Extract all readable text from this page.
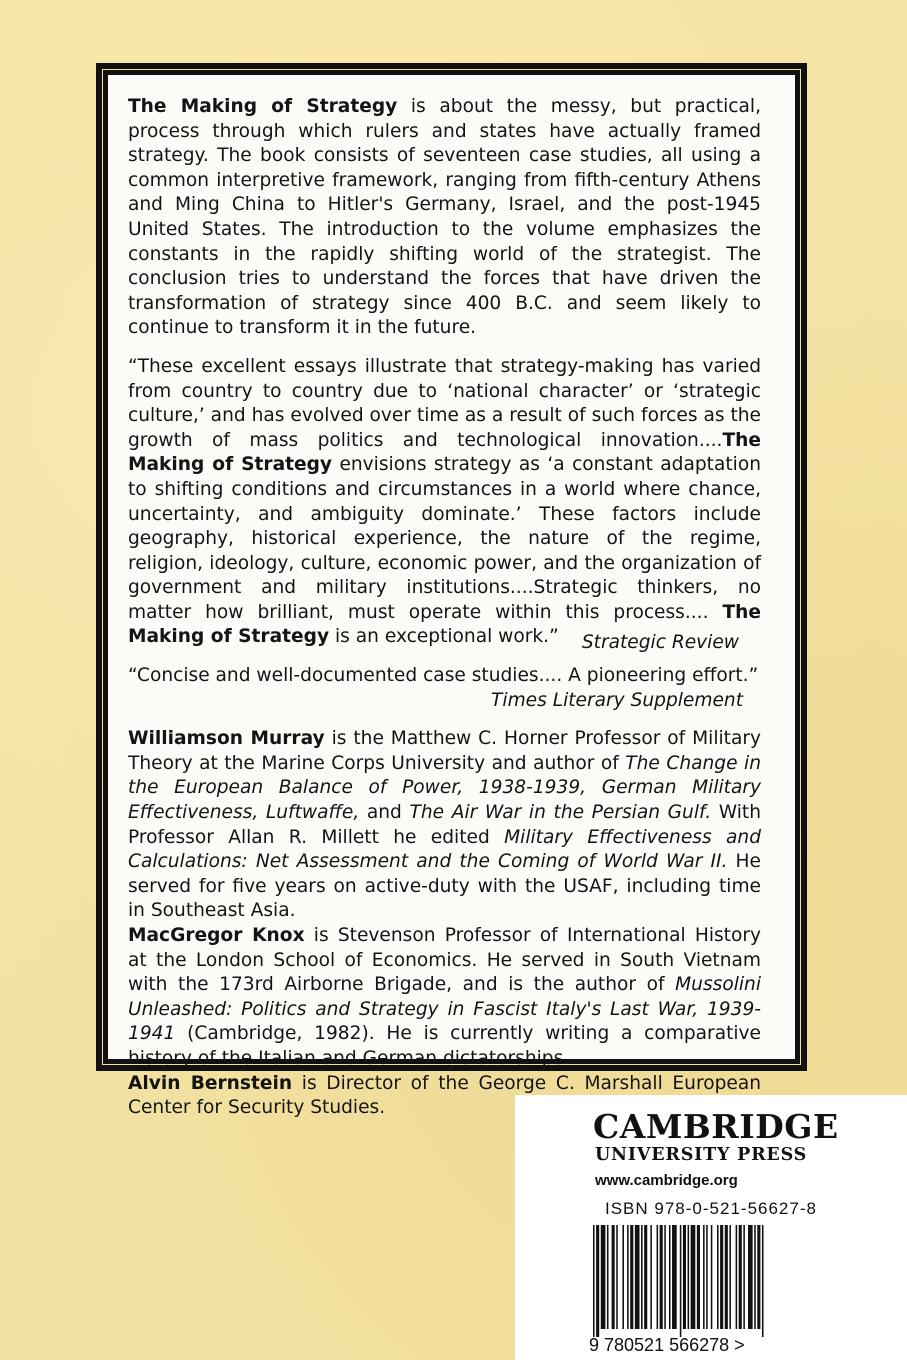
The Making of Strategy is about the messy, but practical, process through which rulers and states have actually framed strategy. The book consists of seventeen case studies, all using a common interpretive framework, ranging from fifth-century Athens and Ming China to Hitler's Germany, Israel, and the post-1945 United States. The introduction to the volume emphasizes the constants in the rapidly shifting world of the strategist. The conclusion tries to understand the forces that have driven the transformation of strategy since 400 B.C. and seem likely to continue to transform it in the future.

“These excellent essays illustrate that strategy-making has varied from country to country due to ‘national character’ or ‘strategic culture,’ and has evolved over time as a result of such forces as the growth of mass politics and technological innovation....The Making of Strategy envisions strategy as ‘a constant adaptation to shifting conditions and circumstances in a world where chance, uncertainty, and ambiguity dominate.’ These factors include geography, historical experience, the nature of the regime, religion, ideology, culture, economic power, and the organization of government and military institutions....Strategic thinkers, no matter how brilliant, must operate within this process.... The Making of Strategy is an exceptional work.” Strategic Review

“Concise and well-documented case studies.... A pioneering effort.”
Times Literary Supplement

Williamson Murray is the Matthew C. Horner Professor of Military Theory at the Marine Corps University and author of The Change in the European Balance of Power, 1938-1939, German Military Effectiveness, Luftwaffe, and The Air War in the Persian Gulf. With Professor Allan R. Millett he edited Military Effectiveness and Calculations: Net Assessment and the Coming of World War II. He served for five years on active-duty with the USAF, including time in Southeast Asia.

MacGregor Knox is Stevenson Professor of International History at the London School of Economics. He served in South Vietnam with the 173rd Airborne Brigade, and is the author of Mussolini Unleashed: Politics and Strategy in Fascist Italy's Last War, 1939-1941 (Cambridge, 1982). He is currently writing a comparative history of the Italian and German dictatorships.

Alvin Bernstein is Director of the George C. Marshall European Center for Security Studies.	CAMBRIDGE
UNIVERSITY PRESS
www.cambridge.org
ISBN 978-0-521-56627-8
9 780521 566278 >
